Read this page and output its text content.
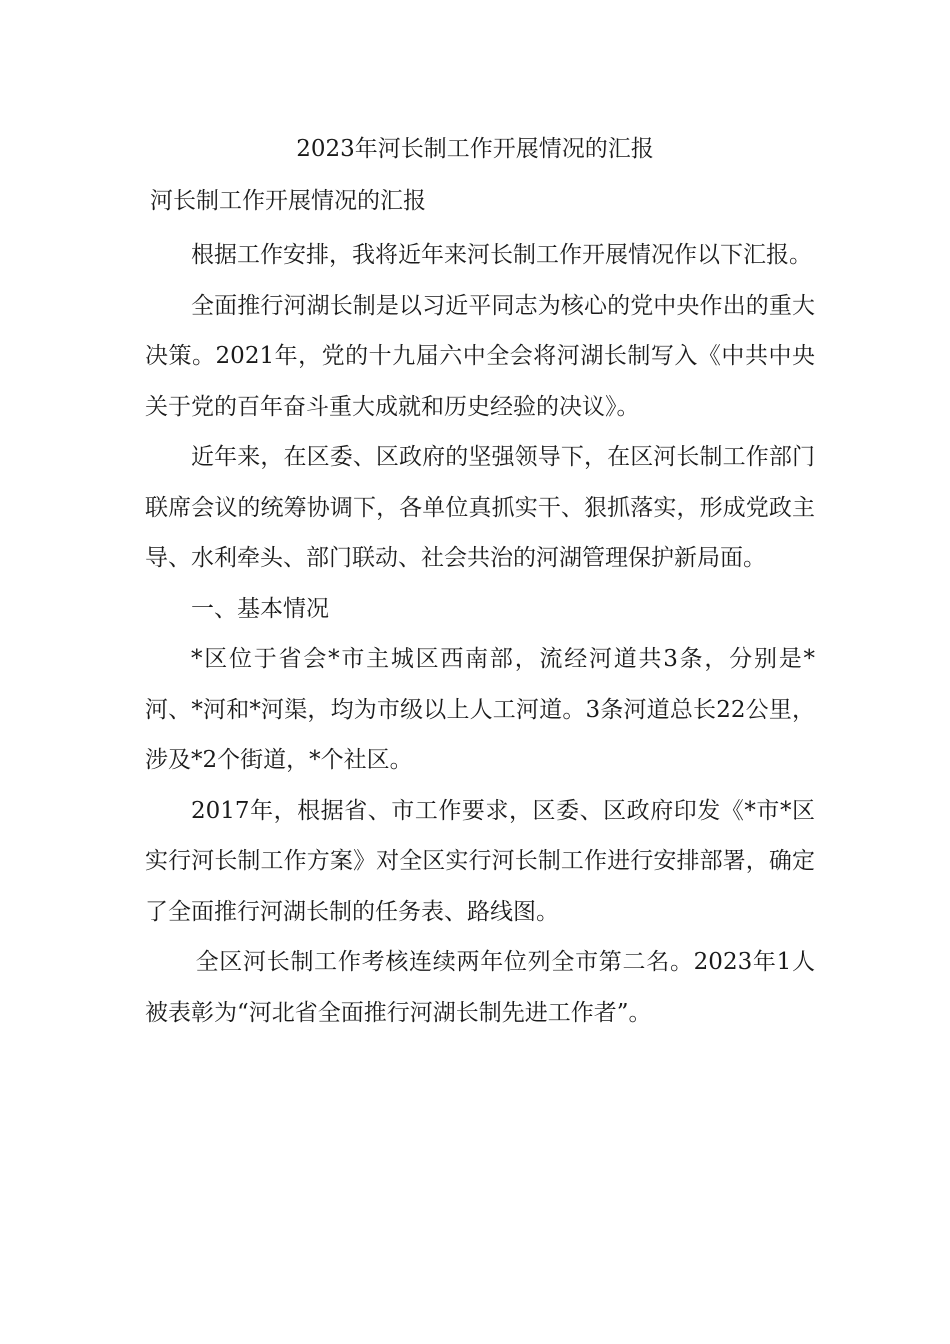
2023年河长制工作开展情况的汇报
河长制工作开展情况的汇报

根据工作安排，我将近年来河长制工作开展情况作以下汇报。

全面推行河湖长制是以习近平同志为核心的党中央作出的重大决策。2021年，党的十九届六中全会将河湖长制写入《中共中央关于党的百年奋斗重大成就和历史经验的决议》。

近年来，在区委、区政府的坚强领导下，在区河长制工作部门联席会议的统筹协调下，各单位真抓实干、狠抓落实，形成党政主导、水利牵头、部门联动、社会共治的河湖管理保护新局面。

一、基本情况

*区位于省会*市主城区西南部，流经河道共3条，分别是*河、*河和*河渠，均为市级以上人工河道。3条河道总长22公里，涉及*2个街道，*个社区。

2017年，根据省、市工作要求，区委、区政府印发《*市*区实行河长制工作方案》对全区实行河长制工作进行安排部署，确定了全面推行河湖长制的任务表、路线图。

全区河长制工作考核连续两年位列全市第二名。2023年1人被表彰为“河北省全面推行河湖长制先进工作者”。
